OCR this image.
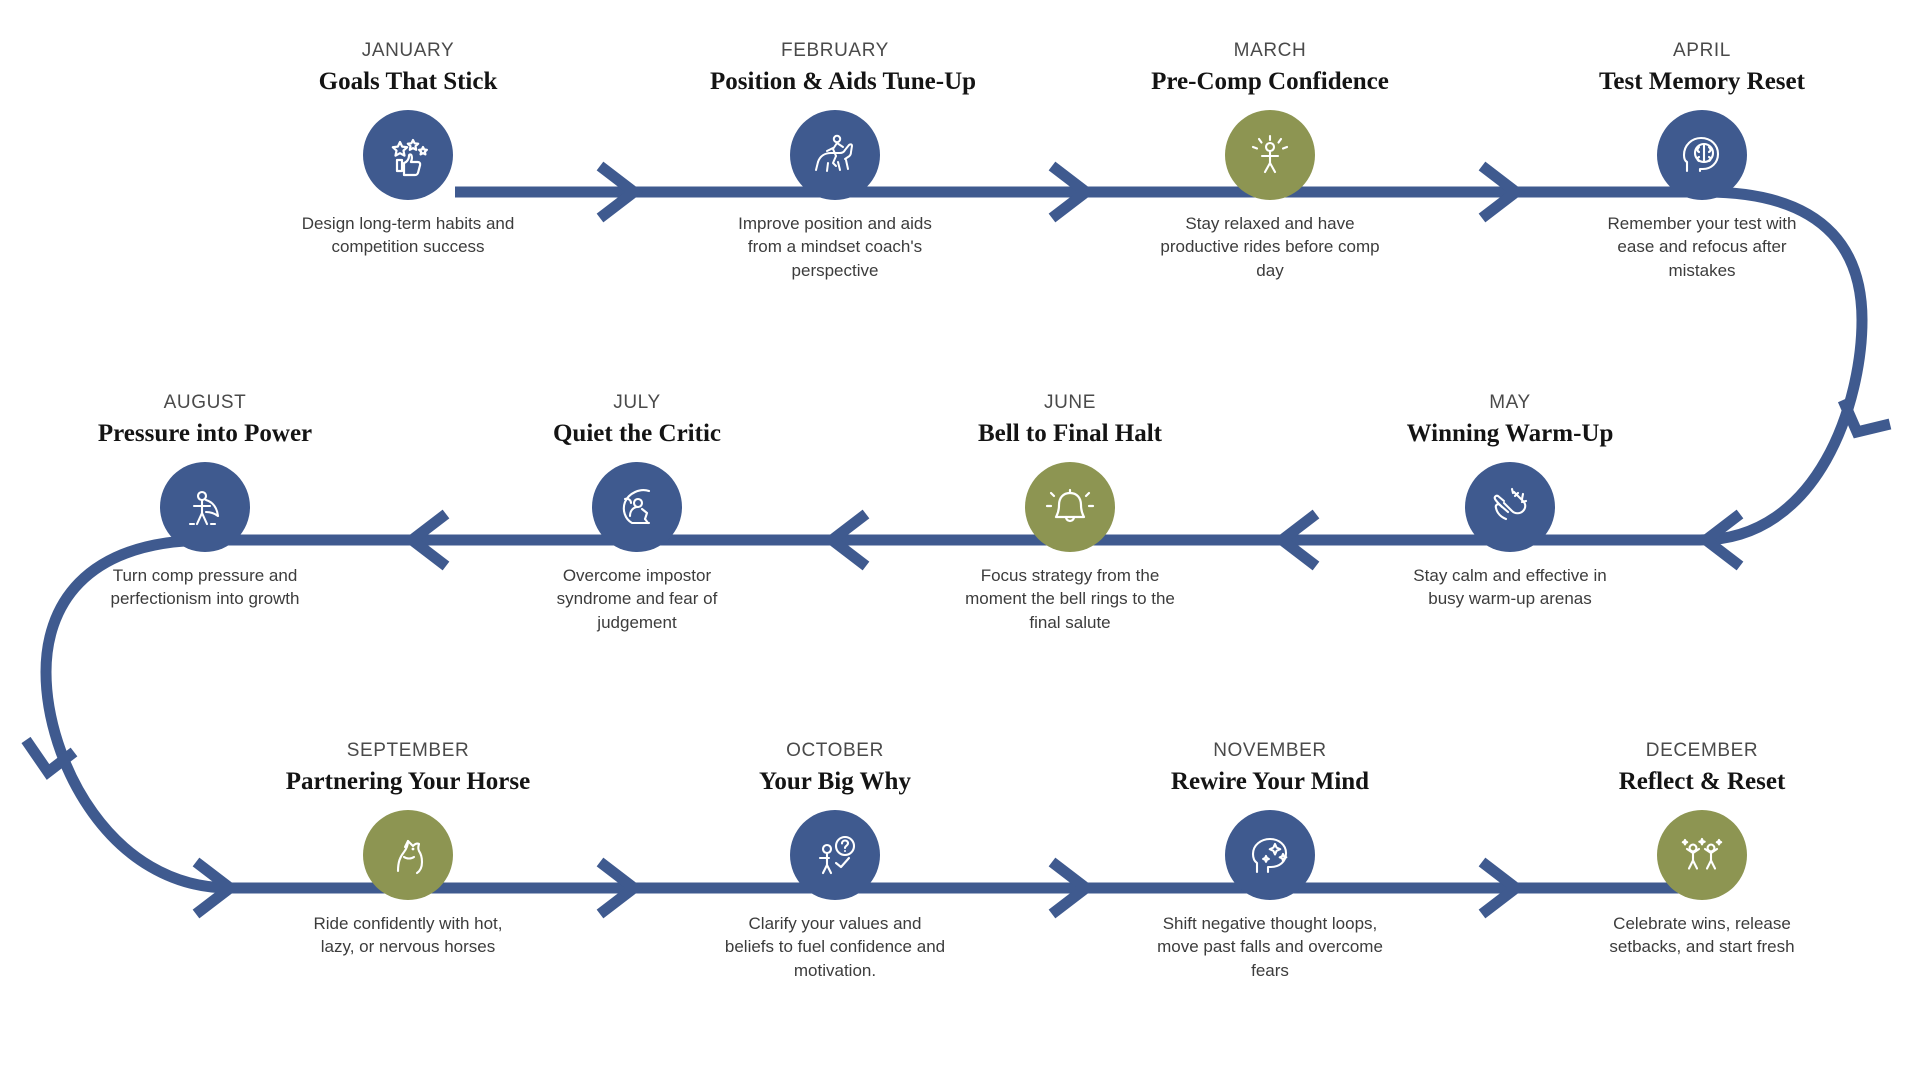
JANUARY
Goals That Stick
Design long-term habits and competition success
FEBRUARY
Position & Aids Tune-Up
Improve position and aids from a mindset coach's perspective
MARCH
Pre-Comp Confidence
Stay relaxed and have productive rides before comp day
APRIL
Test Memory Reset
Remember your test with ease and refocus after mistakes
AUGUST
Pressure into Power
Turn comp pressure and perfectionism into growth
JULY
Quiet the Critic
Overcome impostor syndrome and fear of judgement
JUNE
Bell to Final Halt
Focus strategy from the moment the bell rings to the final salute
MAY
Winning Warm-Up
Stay calm and effective in busy warm-up arenas
SEPTEMBER
Partnering Your Horse
Ride confidently with hot, lazy, or nervous horses
OCTOBER
Your Big Why
Clarify your values and beliefs to fuel confidence and motivation.
NOVEMBER
Rewire Your Mind
Shift negative thought loops, move past falls and overcome fears
DECEMBER
Reflect & Reset
Celebrate wins, release setbacks, and start fresh
